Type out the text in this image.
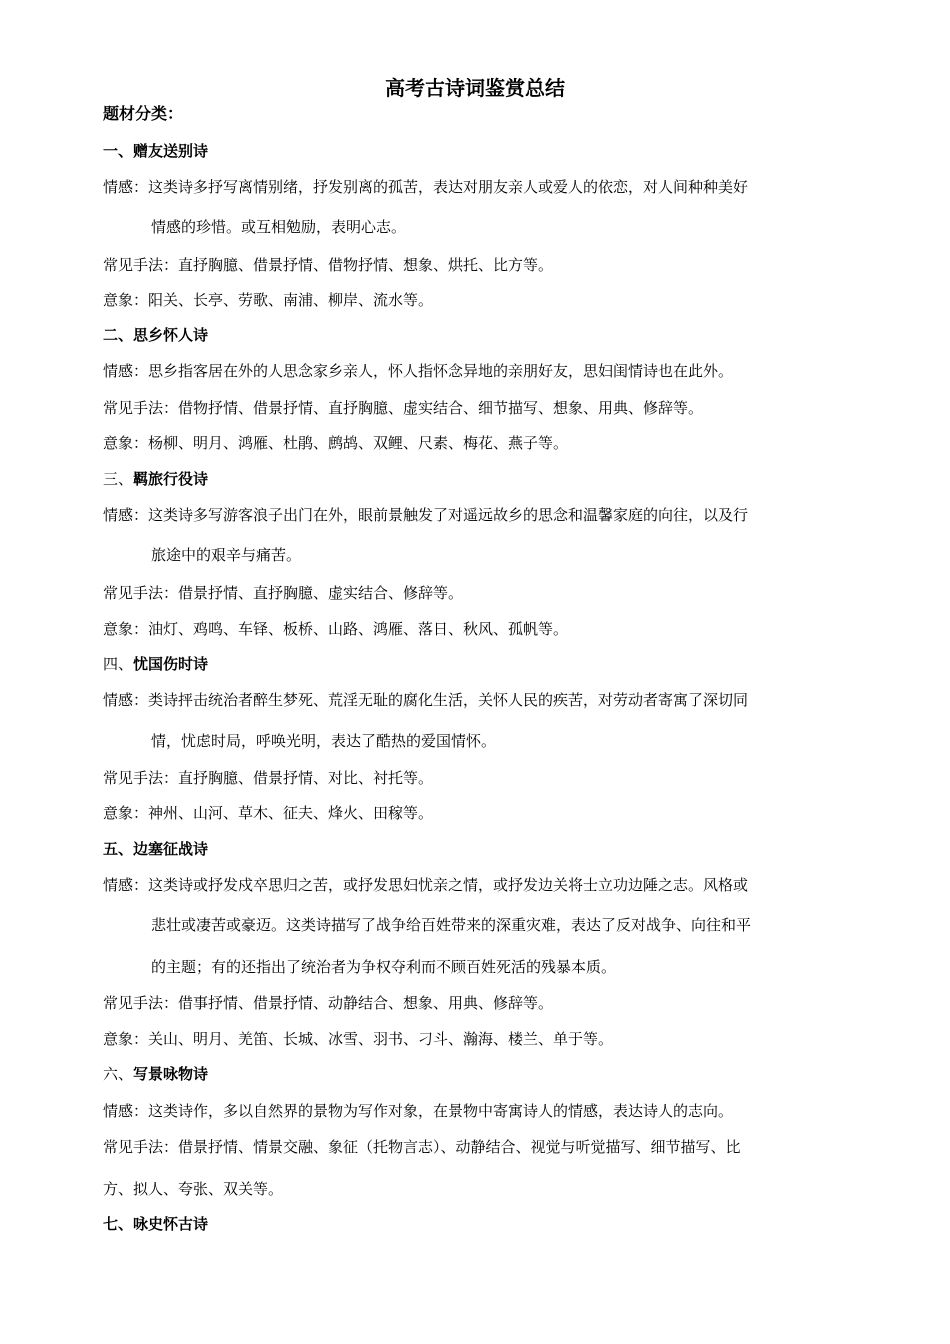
高考古诗词鉴赏总结
题材分类：
一、赠友送别诗
情感：这类诗多抒写离情别绪，抒发别离的孤苦，表达对朋友亲人或爱人的依恋，对人间种种美好
情感的珍惜。或互相勉励，表明心志。
常见手法：直抒胸臆、借景抒情、借物抒情、想象、烘托、比方等。
意象：阳关、长亭、劳歌、南浦、柳岸、流水等。
二、思乡怀人诗
情感：思乡指客居在外的人思念家乡亲人，怀人指怀念异地的亲朋好友，思妇闺情诗也在此外。
常见手法：借物抒情、借景抒情、直抒胸臆、虚实结合、细节描写、想象、用典、修辞等。
意象：杨柳、明月、鸿雁、杜鹃、鹧鸪、双鲤、尺素、梅花、燕子等。
三、羁旅行役诗
情感：这类诗多写游客浪子出门在外，眼前景触发了对遥远故乡的思念和温馨家庭的向往，以及行
旅途中的艰辛与痛苦。
常见手法：借景抒情、直抒胸臆、虚实结合、修辞等。
意象：油灯、鸡鸣、车铎、板桥、山路、鸿雁、落日、秋风、孤帆等。
四、忧国伤时诗
情感：类诗抨击统治者醉生梦死、荒淫无耻的腐化生活，关怀人民的疾苦，对劳动者寄寓了深切同
情，忧虑时局，呼唤光明，表达了酷热的爱国情怀。
常见手法：直抒胸臆、借景抒情、对比、衬托等。
意象：神州、山河、草木、征夫、烽火、田稼等。
五、边塞征战诗
情感：这类诗或抒发戍卒思归之苦，或抒发思妇忧亲之情，或抒发边关将士立功边陲之志。风格或
悲壮或凄苦或豪迈。这类诗描写了战争给百姓带来的深重灾难，表达了反对战争、向往和平
的主题；有的还指出了统治者为争权夺利而不顾百姓死活的残暴本质。
常见手法：借事抒情、借景抒情、动静结合、想象、用典、修辞等。
意象：关山、明月、羌笛、长城、冰雪、羽书、刁斗、瀚海、楼兰、单于等。
六、写景咏物诗
情感：这类诗作，多以自然界的景物为写作对象，在景物中寄寓诗人的情感，表达诗人的志向。
常见手法：借景抒情、情景交融、象征（托物言志）、动静结合、视觉与听觉描写、细节描写、比
方、拟人、夸张、双关等。
七、咏史怀古诗
